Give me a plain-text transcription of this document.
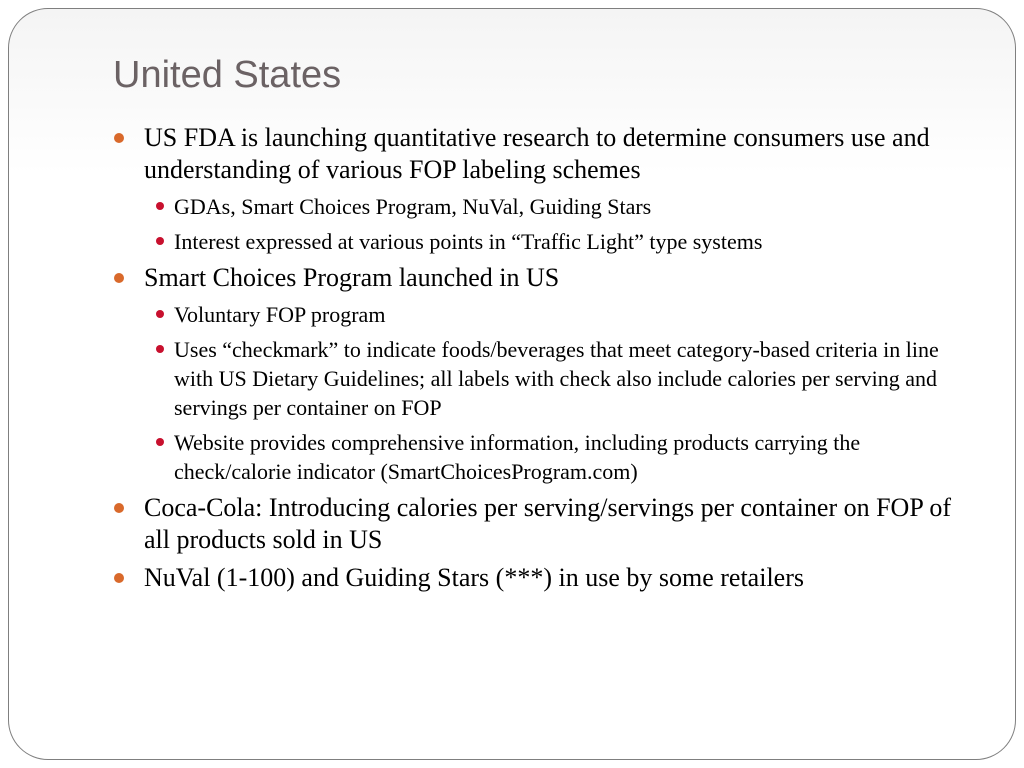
United States
US FDA is launching quantitative research to determine consumers use and understanding of various FOP labeling schemes
GDAs, Smart Choices Program, NuVal, Guiding Stars
Interest expressed at various points in “Traffic Light” type systems
Smart Choices Program launched in US
Voluntary FOP program
Uses “checkmark” to indicate foods/beverages that meet category-based criteria in line with US Dietary Guidelines; all labels with check also include calories per serving and servings per container on FOP
Website provides comprehensive information, including products carrying the check/calorie indicator (SmartChoicesProgram.com)
Coca-Cola: Introducing calories per serving/servings per container on FOP of all products sold in US
NuVal (1-100) and Guiding Stars (***) in use by some retailers
